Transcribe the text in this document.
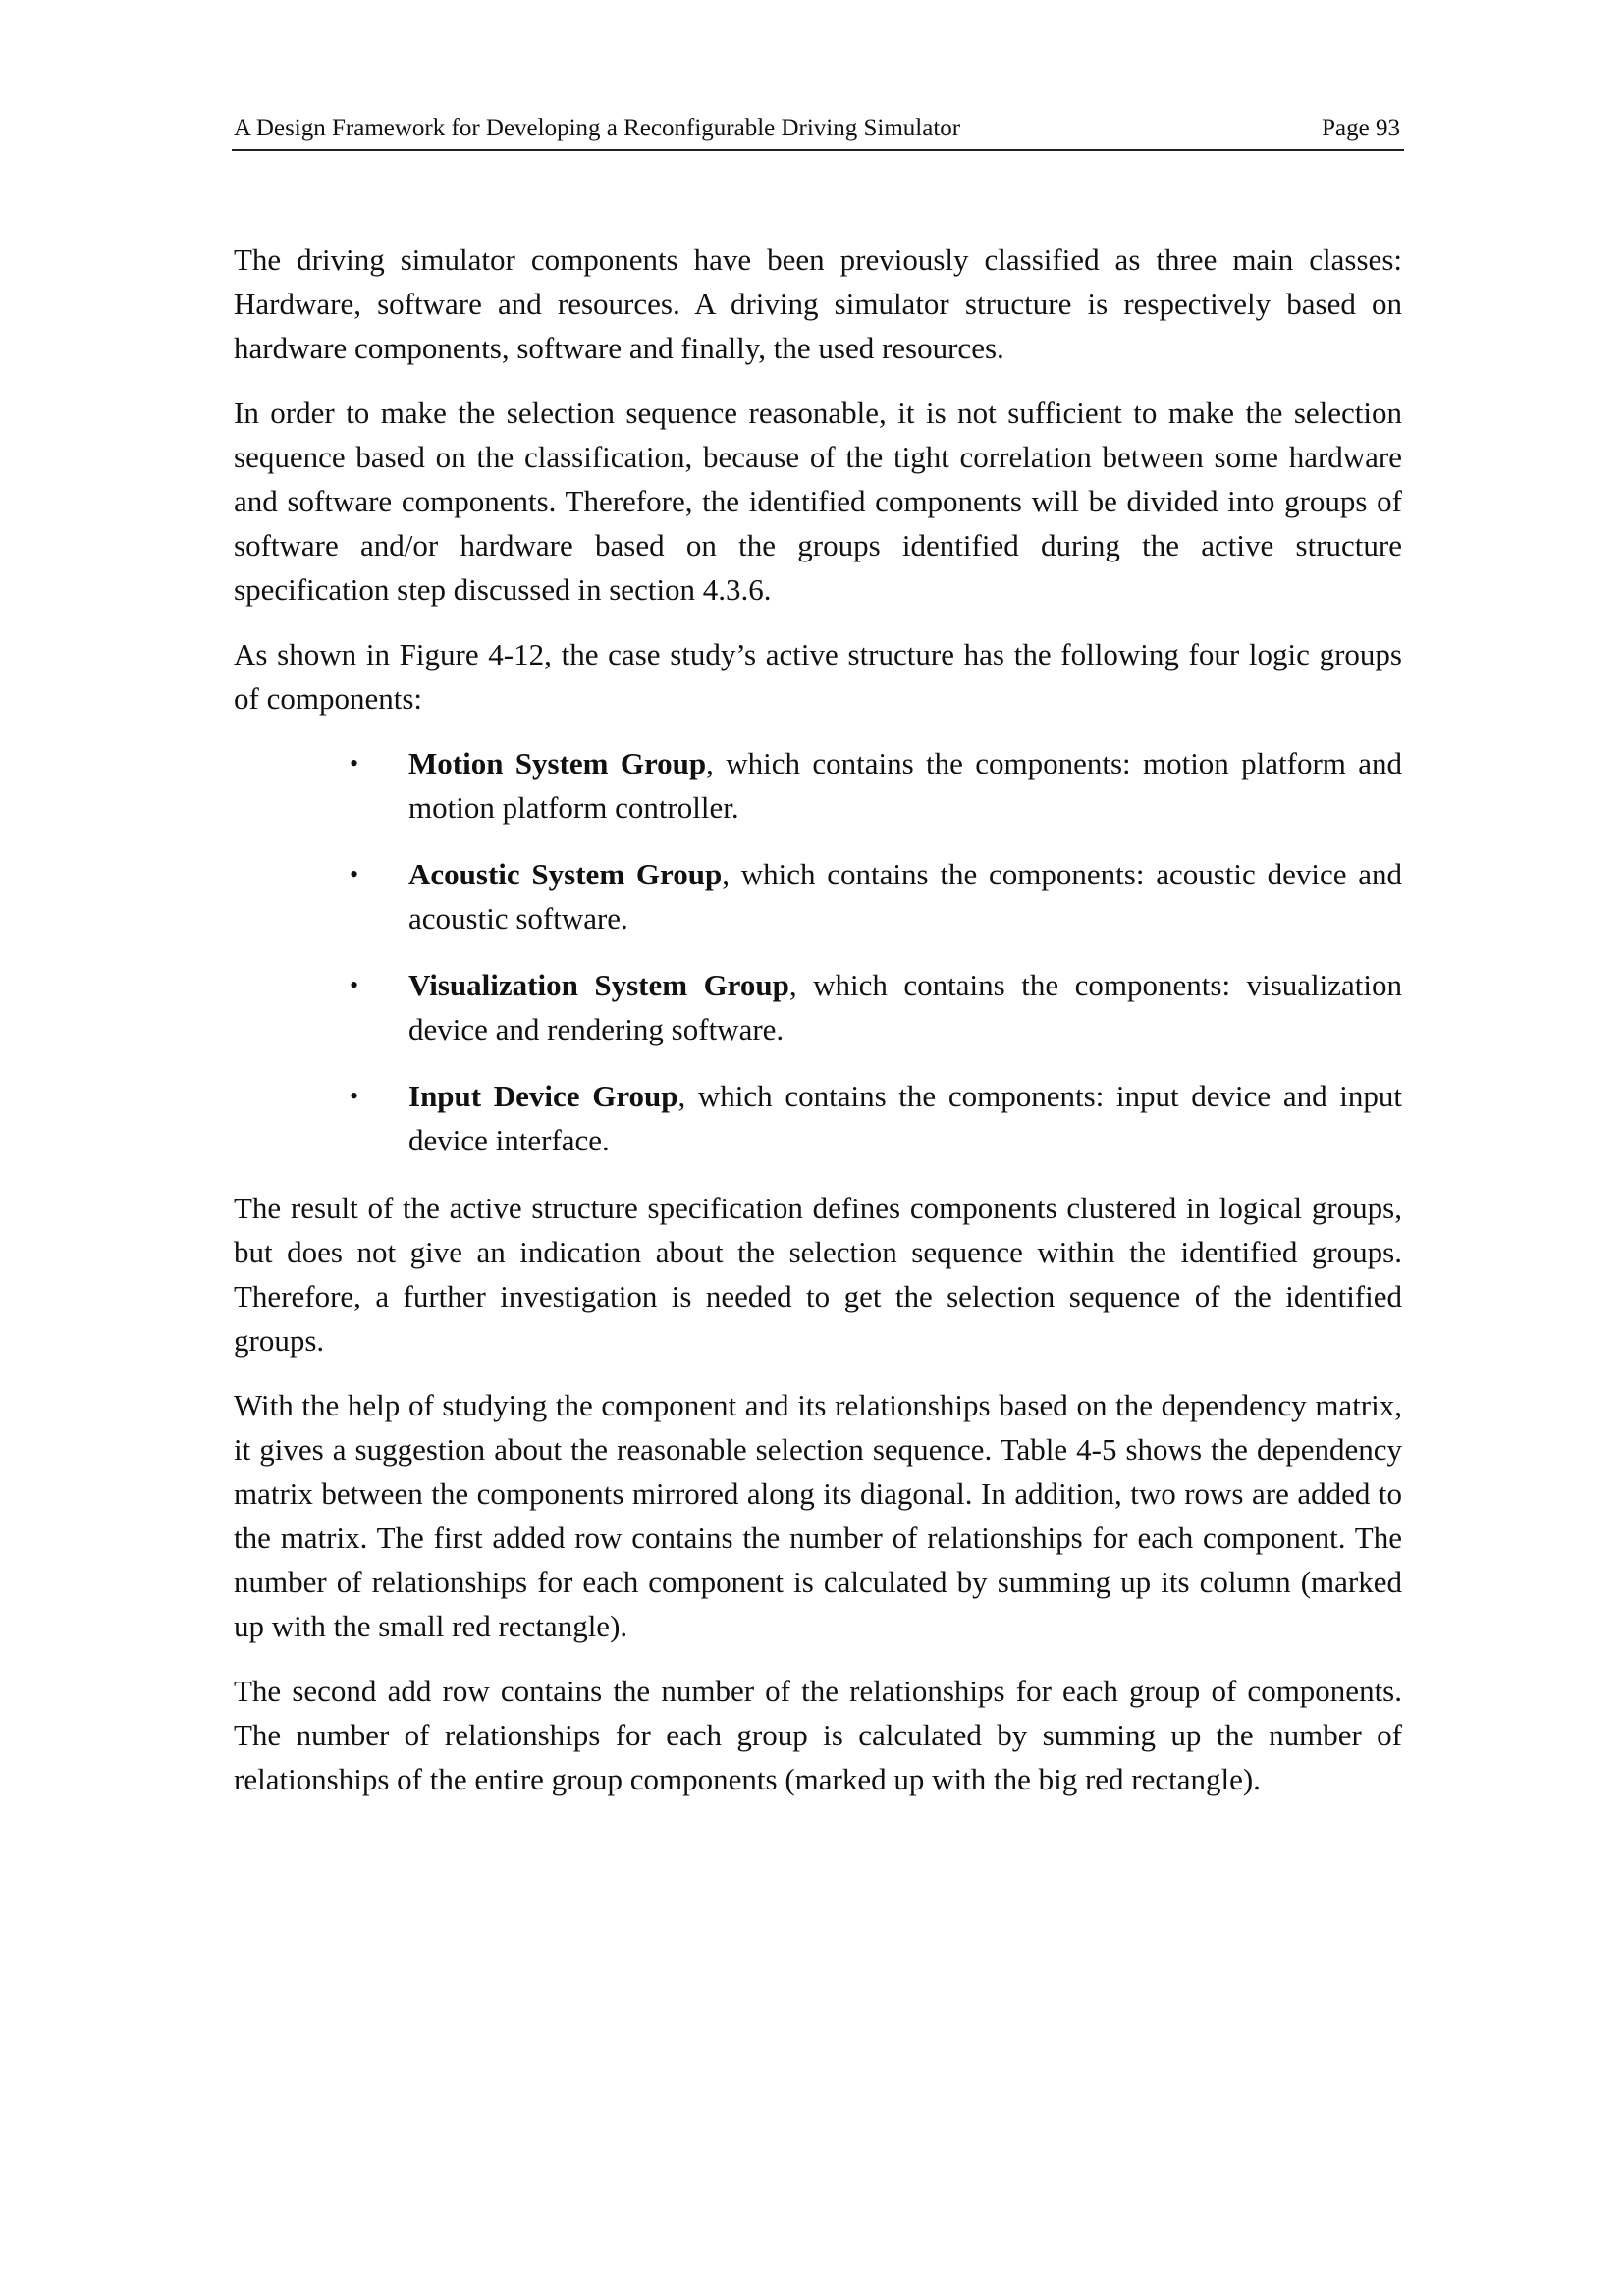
A Design Framework for Developing a Reconfigurable Driving Simulator	Page 93

The driving simulator components have been previously classified as three main classes: Hardware, software and resources. A driving simulator structure is respectively based on hardware components, software and finally, the used resources.

In order to make the selection sequence reasonable, it is not sufficient to make the selection sequence based on the classification, because of the tight correlation between some hardware and software components. Therefore, the identified components will be divided into groups of software and/or hardware based on the groups identified during the active structure specification step discussed in section 4.3.6.

As shown in Figure 4-12, the case study’s active structure has the following four logic groups of components:

• Motion System Group, which contains the components: motion platform and motion platform controller.
• Acoustic System Group, which contains the components: acoustic device and acoustic software.
• Visualization System Group, which contains the components: visualization device and rendering software.
• Input Device Group, which contains the components: input device and input device interface.

The result of the active structure specification defines components clustered in logical groups, but does not give an indication about the selection sequence within the identified groups. Therefore, a further investigation is needed to get the selection sequence of the identified groups.

With the help of studying the component and its relationships based on the dependency matrix, it gives a suggestion about the reasonable selection sequence. Table 4-5 shows the dependency matrix between the components mirrored along its diagonal. In addition, two rows are added to the matrix. The first added row contains the number of relationships for each component. The number of relationships for each component is calculated by summing up its column (marked up with the small red rectangle).

The second add row contains the number of the relationships for each group of components. The number of relationships for each group is calculated by summing up the number of relationships of the entire group components (marked up with the big red rectangle).
